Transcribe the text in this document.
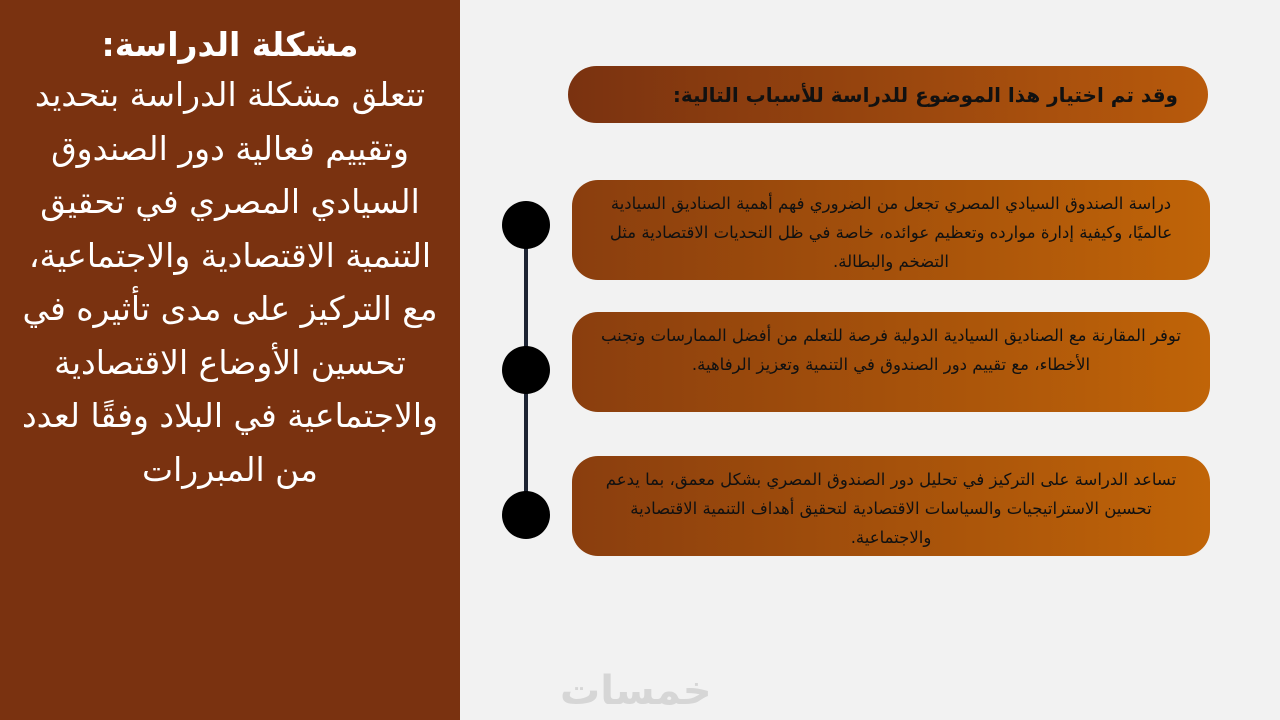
مشكلة الدراسة:

تتعلق مشكلة الدراسة بتحديد وتقييم فعالية دور الصندوق السيادي المصري في تحقيق التنمية الاقتصادية والاجتماعية، مع التركيز على مدى تأثيره في تحسين الأوضاع الاقتصادية والاجتماعية في البلاد وفقًا لعدد من المبررات

وقد تم اختيار هذا الموضوع للدراسة للأسباب التالية:
دراسة الصندوق السيادي المصري تجعل من الضروري فهم أهمية الصناديق السيادية عالميًا، وكيفية إدارة موارده وتعظيم عوائده، خاصة في ظل التحديات الاقتصادية مثل التضخم والبطالة.
توفر المقارنة مع الصناديق السيادية الدولية فرصة للتعلم من أفضل الممارسات وتجنب الأخطاء، مع تقييم دور الصندوق في التنمية وتعزيز الرفاهية.
تساعد الدراسة على التركيز في تحليل دور الصندوق المصري بشكل معمق، بما يدعم تحسين الاستراتيجيات والسياسات الاقتصادية لتحقيق أهداف التنمية الاقتصادية والاجتماعية.
خمسات
